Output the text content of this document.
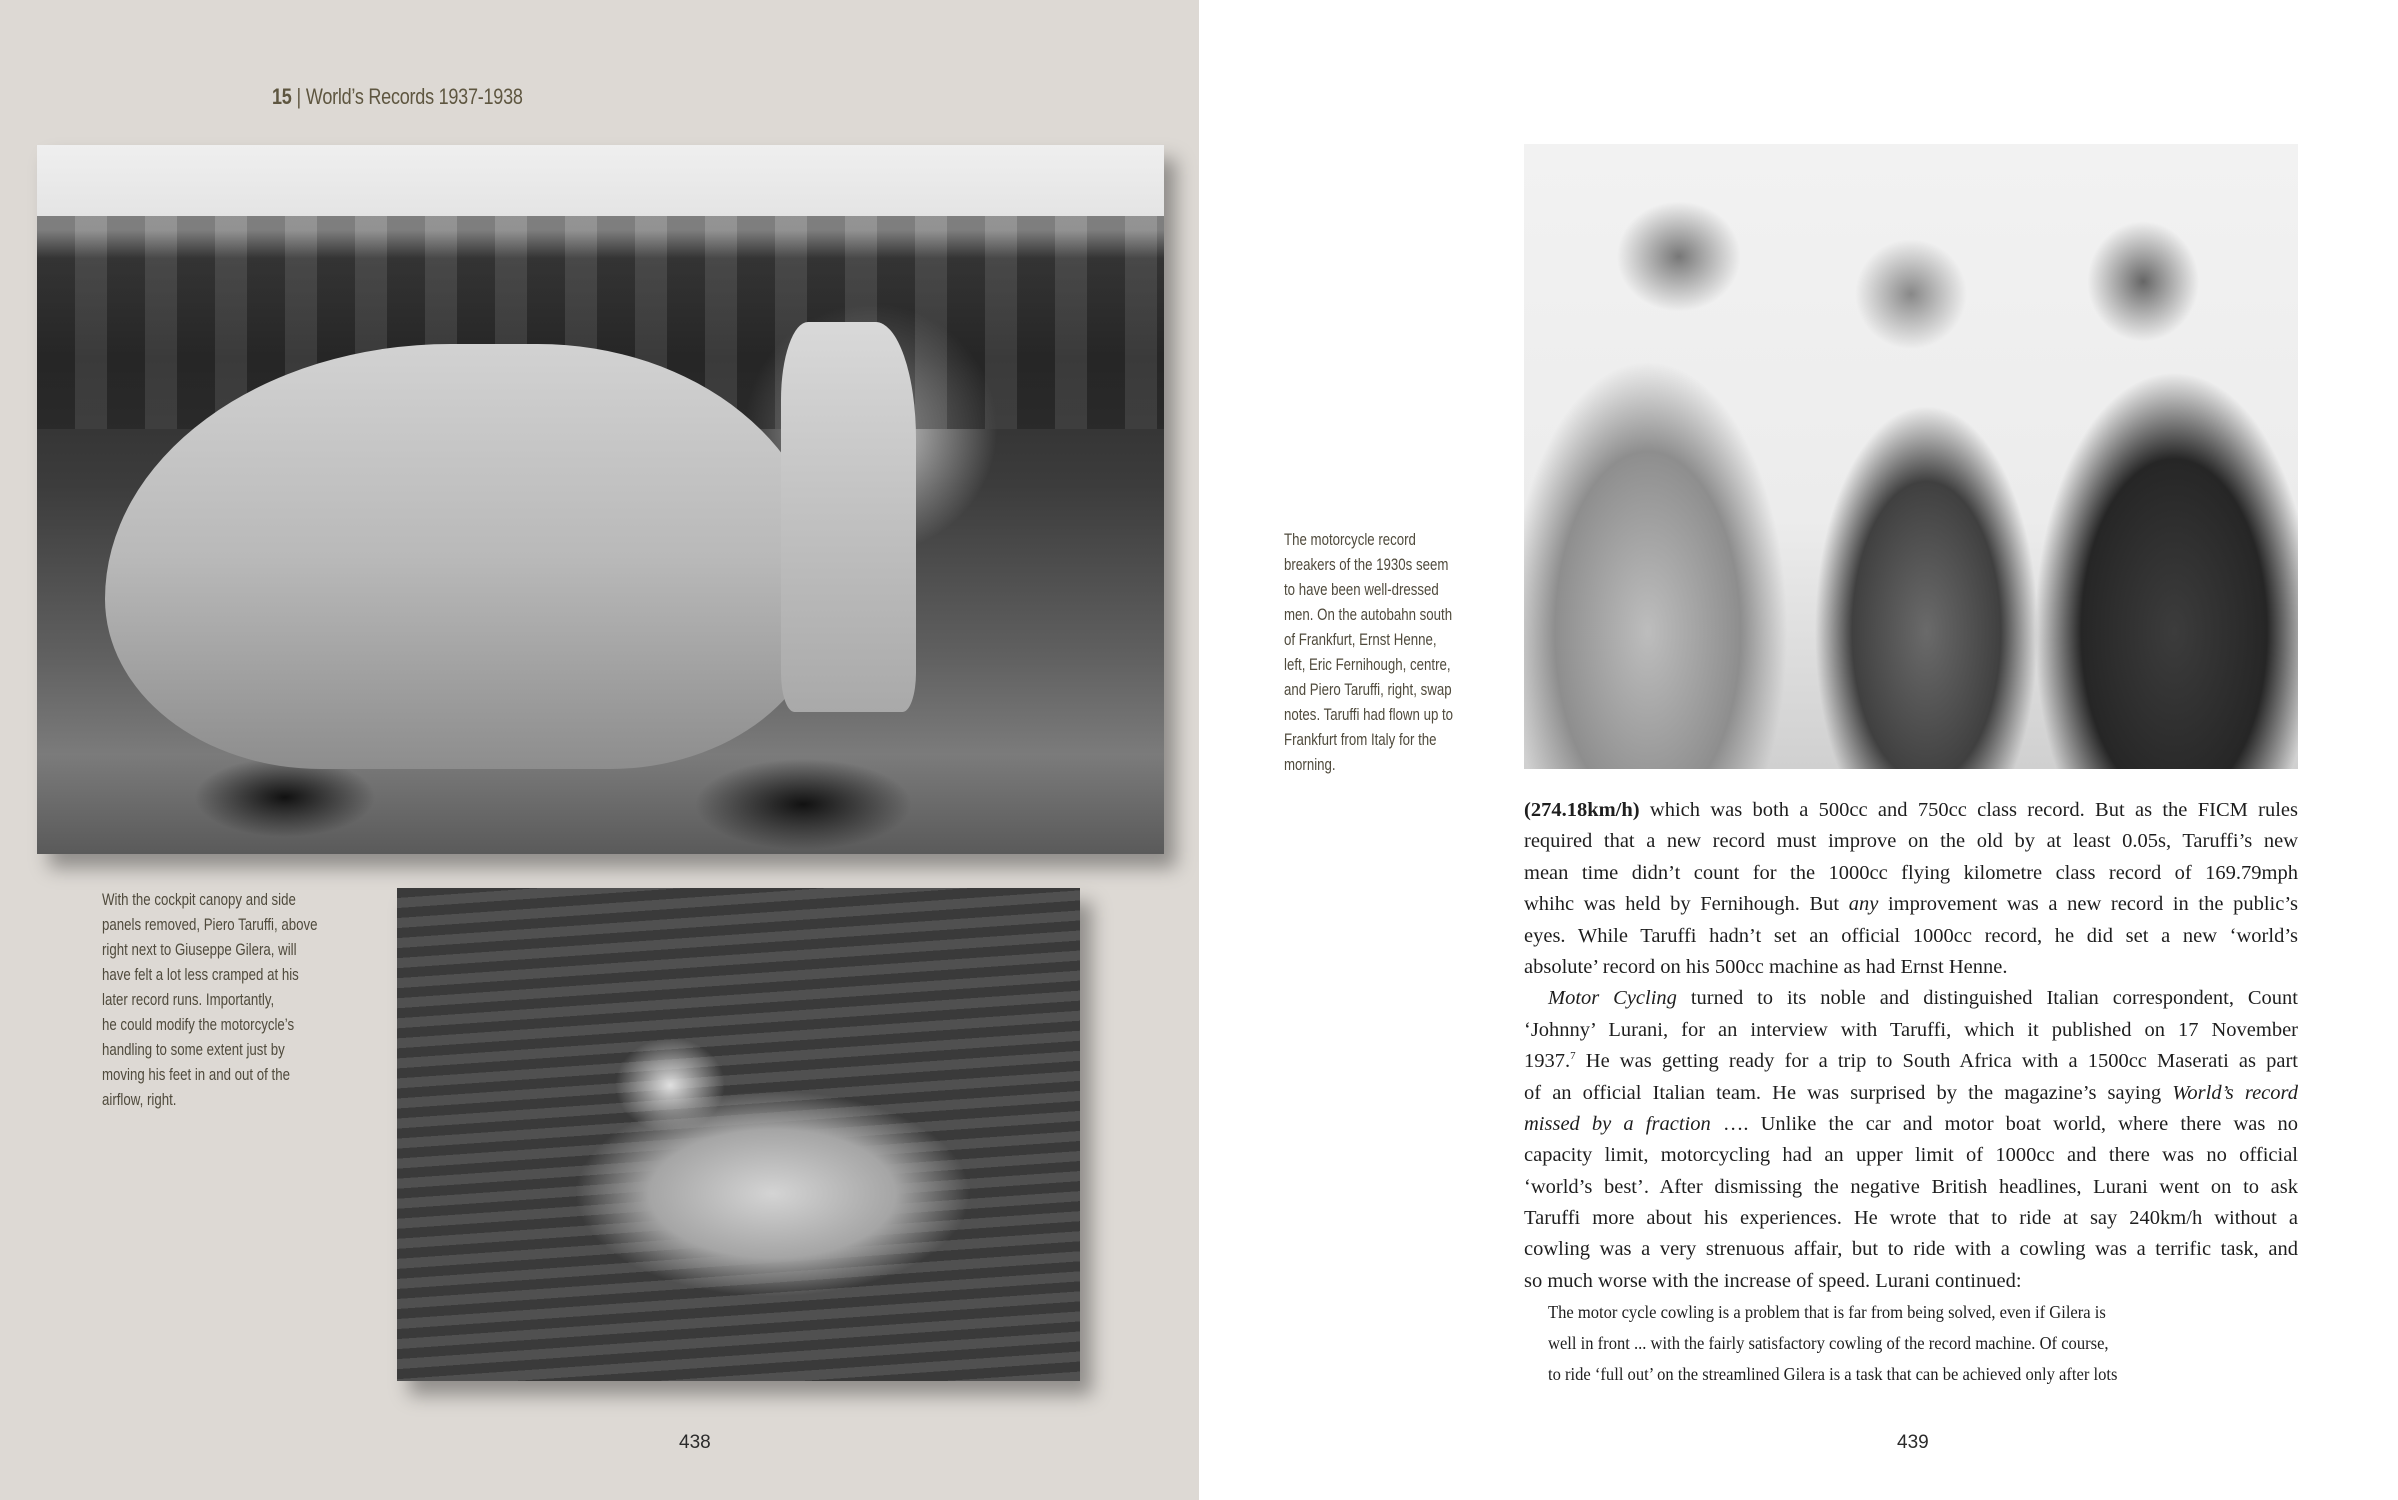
15 | World’s Records 1937-1938
With the cockpit canopy and side
panels removed, Piero Taruffi, above
right next to Giuseppe Gilera, will
have felt a lot less cramped at his
later record runs. Importantly,
he could modify the motorcycle’s
handling to some extent just by
moving his feet in and out of the
airflow, right.
438
The motorcycle record
breakers of the 1930s seem
to have been well-dressed
men. On the autobahn south
of Frankfurt, Ernst Henne,
left, Eric Fernihough, centre,
and Piero Taruffi, right, swap
notes. Taruffi had flown up to
Frankfurt from Italy for the
morning.
(274.18km/h) which was both a 500cc and 750cc class record. But as the FICM rules
required that a new record must improve on the old by at least 0.05s, Taruffi’s new
mean time didn’t count for the 1000cc flying kilometre class record of 169.79mph
whihc was held by Fernihough. But any improvement was a new record in the public’s
eyes. While Taruffi hadn’t set an official 1000cc record, he did set a new ‘world’s
absolute’ record on his 500cc machine as had Ernst Henne.
Motor Cycling turned to its noble and distinguished Italian correspondent, Count
‘Johnny’ Lurani, for an interview with Taruffi, which it published on 17 November
1937.$^7$ He was getting ready for a trip to South Africa with a 1500cc Maserati as part
of an official Italian team. He was surprised by the magazine’s saying World’s record
missed by a fraction …. Unlike the car and motor boat world, where there was no
capacity limit, motorcycling had an upper limit of 1000cc and there was no official
‘world’s best’. After dismissing the negative British headlines, Lurani went on to ask
Taruffi more about his experiences. He wrote that to ride at say 240km/h without a
cowling was a very strenuous affair, but to ride with a cowling was a terrific task, and
so much worse with the increase of speed. Lurani continued:
The motor cycle cowling is a problem that is far from being solved, even if Gilera is
well in front ... with the fairly satisfactory cowling of the record machine. Of course,
to ride ‘full out’ on the streamlined Gilera is a task that can be achieved only after lots
439
